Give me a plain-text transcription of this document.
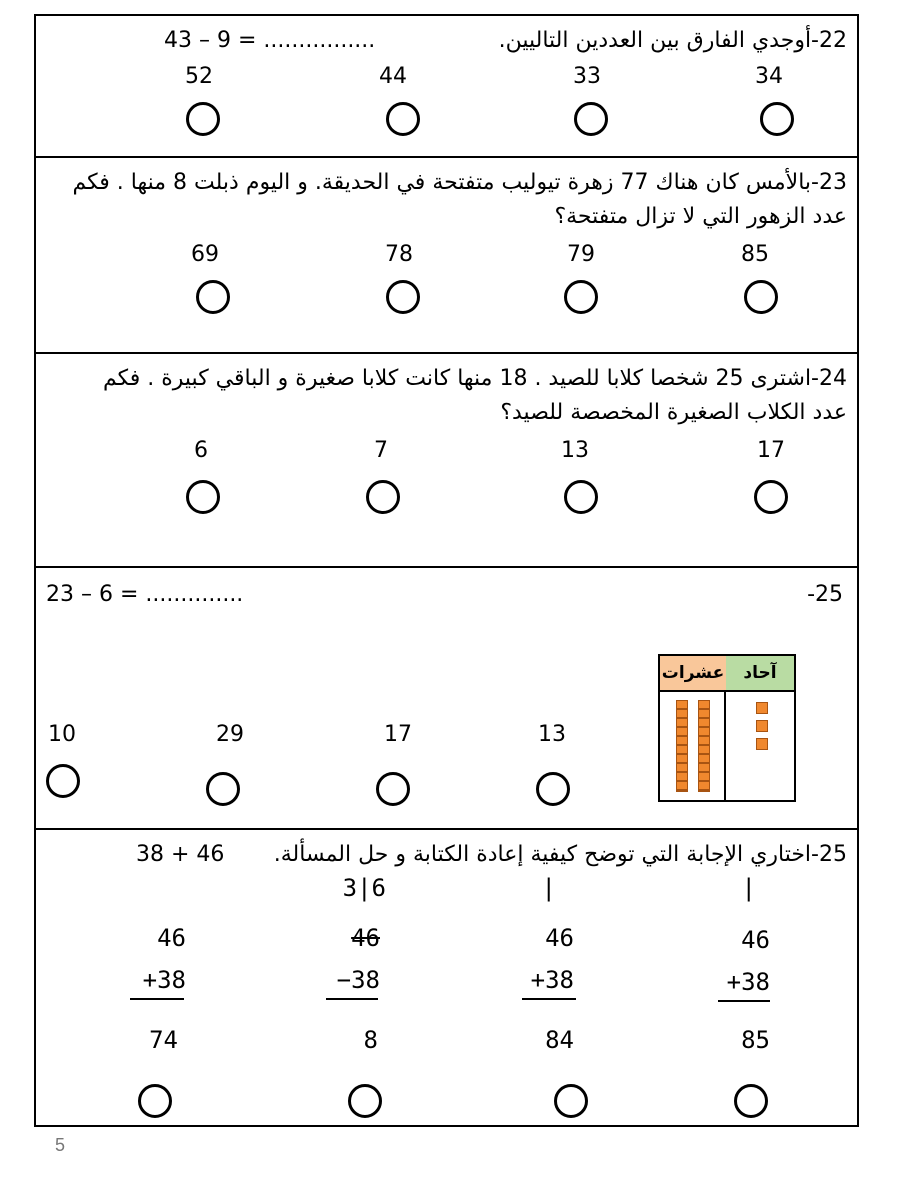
22-أوجدي الفارق بين العددين التاليين.
43 – 9 = ................
52	44	33	34
23-بالأمس كان هناك 77 زهرة تيوليب متفتحة في الحديقة. و اليوم ذبلت 8 منها . فكم
عدد الزهور التي لا تزال متفتحة؟
69	78	79	85
24-اشترى 25 شخصا كلابا للصيد . 18 منها كانت كلابا صغيرة و الباقي كبيرة . فكم
عدد الكلاب الصغيرة المخصصة للصيد؟
6	7	13	17
-25
23 – 6 = ..............
عشرات	آحاد
10	29	17	13
25-اختاري الإجابة التي توضح كيفية إعادة الكتابة و حل المسألة.
38 + 46
46
+38
74
3|6
46
−38
8
|
46
+38
84
|
46
+38
85
5
